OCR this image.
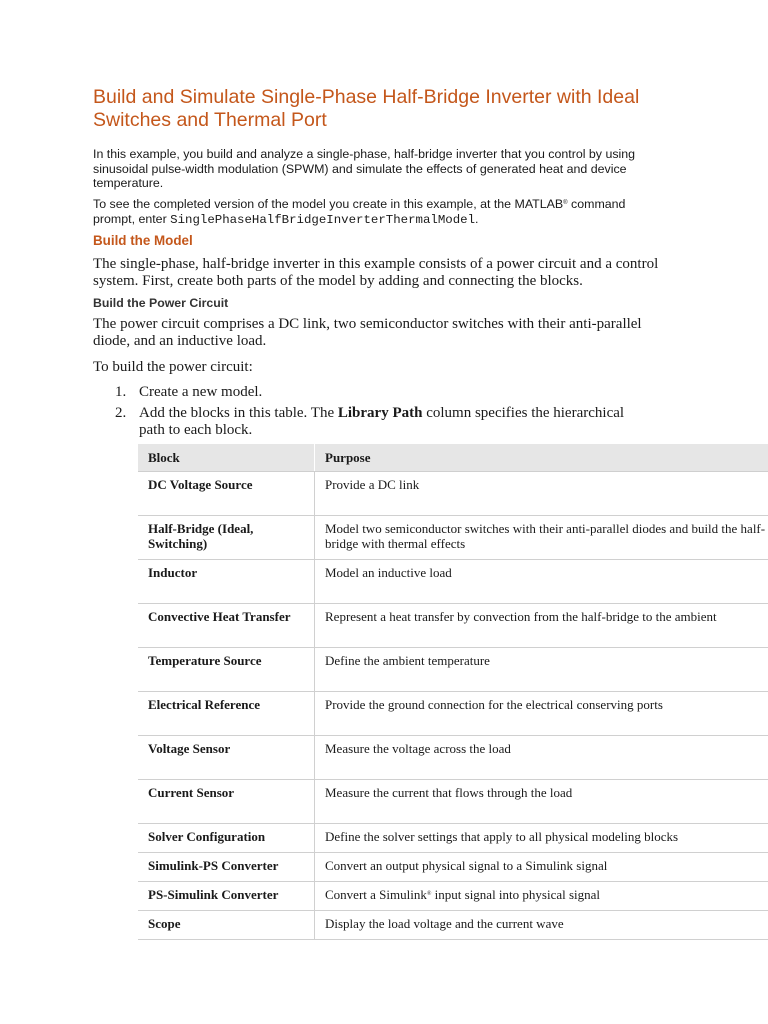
Build and Simulate Single-Phase Half-Bridge Inverter with Ideal Switches and Thermal Port

In this example, you build and analyze a single-phase, half-bridge inverter that you control by using sinusoidal pulse-width modulation (SPWM) and simulate the effects of generated heat and device temperature.

To see the completed version of the model you create in this example, at the MATLAB® command prompt, enter SinglePhaseHalfBridgeInverterThermalModel.

Build the Model

The single-phase, half-bridge inverter in this example consists of a power circuit and a control system. First, create both parts of the model by adding and connecting the blocks.

Build the Power Circuit

The power circuit comprises a DC link, two semiconductor switches with their anti-parallel diode, and an inductive load.

To build the power circuit:

1. Create a new model.
2. Add the blocks in this table. The Library Path column specifies the hierarchical path to each block.
Block	Purpose
DC Voltage Source	Provide a DC link
Half-Bridge (Ideal, Switching)	Model two semiconductor switches with their anti-parallel diodes and build the half-bridge with thermal effects
Inductor	Model an inductive load
Convective Heat Transfer	Represent a heat transfer by convection from the half-bridge to the ambient
Temperature Source	Define the ambient temperature
Electrical Reference	Provide the ground connection for the electrical conserving ports
Voltage Sensor	Measure the voltage across the load
Current Sensor	Measure the current that flows through the load
Solver Configuration	Define the solver settings that apply to all physical modeling blocks
Simulink-PS Converter	Convert an output physical signal to a Simulink signal
PS-Simulink Converter	Convert a Simulink® input signal into physical signal
Scope	Display the load voltage and the current wave
